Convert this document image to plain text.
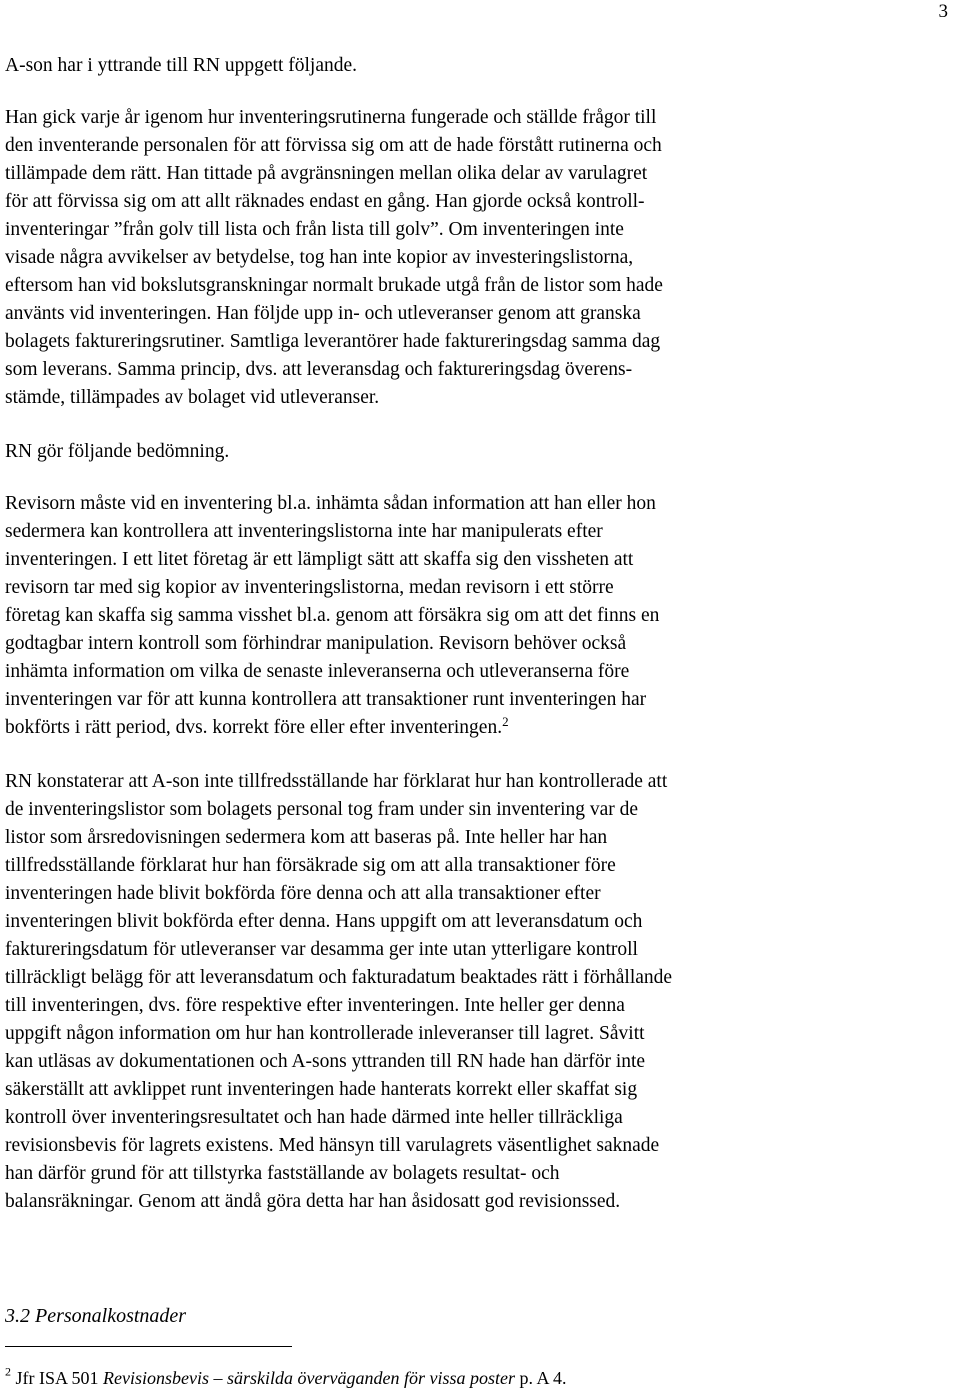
3

A-son har i yttrande till RN uppgett följande.

Han gick varje år igenom hur inventeringsrutinerna fungerade och ställde frågor till
den inventerande personalen för att förvissa sig om att de hade förstått rutinerna och
tillämpade dem rätt. Han tittade på avgränsningen mellan olika delar av varulagret
för att förvissa sig om att allt räknades endast en gång. Han gjorde också kontroll-
inventeringar ”från golv till lista och från lista till golv”. Om inventeringen inte
visade några avvikelser av betydelse, tog han inte kopior av investeringslistorna,
eftersom han vid bokslutsgranskningar normalt brukade utgå från de listor som hade
använts vid inventeringen. Han följde upp in- och utleveranser genom att granska
bolagets faktureringsrutiner. Samtliga leverantörer hade faktureringsdag samma dag
som leverans. Samma princip, dvs. att leveransdag och faktureringsdag överens-
stämde, tillämpades av bolaget vid utleveranser.

RN gör följande bedömning.

Revisorn måste vid en inventering bl.a. inhämta sådan information att han eller hon
sedermera kan kontrollera att inventeringslistorna inte har manipulerats efter
inventeringen. I ett litet företag är ett lämpligt sätt att skaffa sig den vissheten att
revisorn tar med sig kopior av inventeringslistorna, medan revisorn i ett större
företag kan skaffa sig samma visshet bl.a. genom att försäkra sig om att det finns en
godtagbar intern kontroll som förhindrar manipulation. Revisorn behöver också
inhämta information om vilka de senaste inleveranserna och utleveranserna före
inventeringen var för att kunna kontrollera att transaktioner runt inventeringen har
bokförts i rätt period, dvs. korrekt före eller efter inventeringen.$^2$

RN konstaterar att A-son inte tillfredsställande har förklarat hur han kontrollerade att
de inventeringslistor som bolagets personal tog fram under sin inventering var de
listor som årsredovisningen sedermera kom att baseras på. Inte heller har han
tillfredsställande förklarat hur han försäkrade sig om att alla transaktioner före
inventeringen hade blivit bokförda före denna och att alla transaktioner efter
inventeringen blivit bokförda efter denna. Hans uppgift om att leveransdatum och
faktureringsdatum för utleveranser var desamma ger inte utan ytterligare kontroll
tillräckligt belägg för att leveransdatum och fakturadatum beaktades rätt i förhållande
till inventeringen, dvs. före respektive efter inventeringen. Inte heller ger denna
uppgift någon information om hur han kontrollerade inleveranser till lagret. Såvitt
kan utläsas av dokumentationen och A-sons yttranden till RN hade han därför inte
säkerställt att avklippet runt inventeringen hade hanterats korrekt eller skaffat sig
kontroll över inventeringsresultatet och han hade därmed inte heller tillräckliga
revisionsbevis för lagrets existens. Med hänsyn till varulagrets väsentlighet saknade
han därför grund för att tillstyrka fastställande av bolagets resultat- och
balansräkningar. Genom att ändå göra detta har han åsidosatt god revisionssed.

3.2 Personalkostnader
$^2$ Jfr ISA 501 Revisionsbevis – särskilda överväganden för vissa poster p. A 4.
